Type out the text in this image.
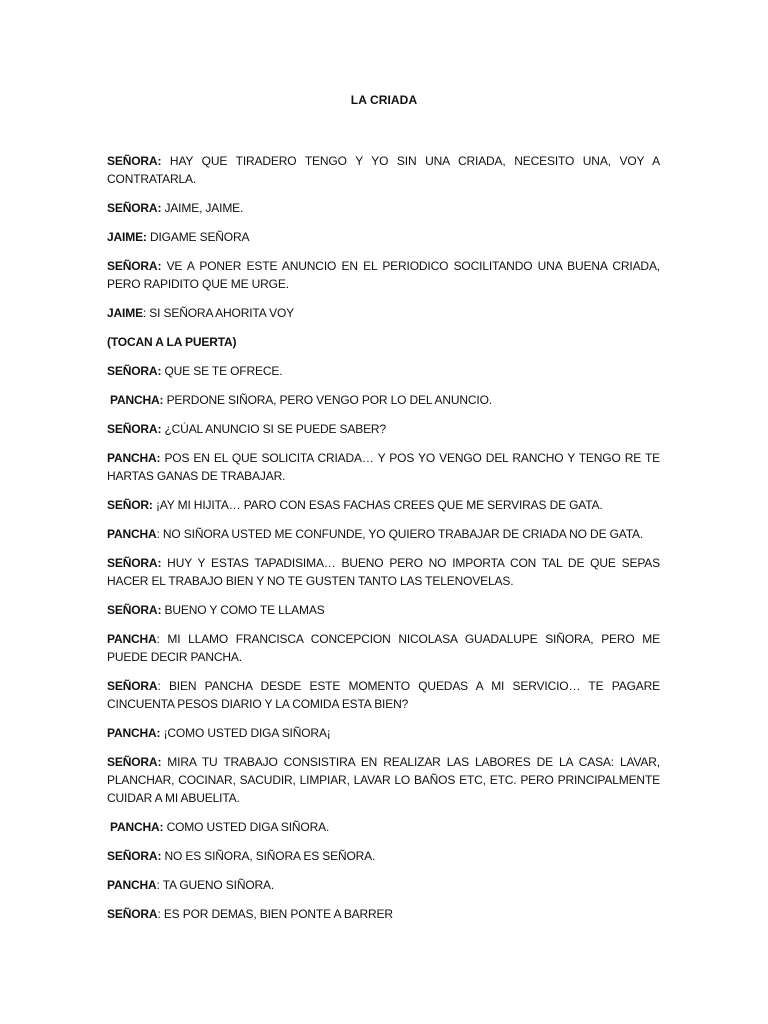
LA CRIADA

SEÑORA: HAY QUE TIRADERO TENGO Y YO SIN UNA CRIADA, NECESITO UNA, VOY A CONTRATARLA.

SEÑORA: JAIME, JAIME.

JAIME: DIGAME SEÑORA

SEÑORA: VE A PONER ESTE ANUNCIO EN EL PERIODICO SOCILITANDO UNA BUENA CRIADA, PERO RAPIDITO QUE ME URGE.

JAIME: SI SEÑORA AHORITA VOY

(TOCAN A LA PUERTA)

SEÑORA: QUE SE TE OFRECE.

PANCHA: PERDONE SIÑORA, PERO VENGO POR LO DEL ANUNCIO.

SEÑORA: ¿CÚAL ANUNCIO SI SE PUEDE SABER?

PANCHA: POS EN EL QUE SOLICITA CRIADA… Y POS YO VENGO DEL RANCHO Y TENGO RE TE HARTAS GANAS DE TRABAJAR.

SEÑOR: ¡AY MI HIJITA… PARO CON ESAS FACHAS CREES QUE ME SERVIRAS DE GATA.

PANCHA: NO SIÑORA USTED ME CONFUNDE, YO QUIERO TRABAJAR DE CRIADA NO DE GATA.

SEÑORA: HUY Y ESTAS TAPADISIMA… BUENO PERO NO IMPORTA CON TAL DE QUE SEPAS HACER EL TRABAJO BIEN Y NO TE GUSTEN TANTO LAS TELENOVELAS.

SEÑORA: BUENO Y COMO TE LLAMAS

PANCHA: MI LLAMO FRANCISCA CONCEPCION NICOLASA GUADALUPE SIÑORA, PERO ME PUEDE DECIR PANCHA.

SEÑORA: BIEN PANCHA DESDE ESTE MOMENTO QUEDAS A MI SERVICIO… TE PAGARE CINCUENTA PESOS DIARIO Y LA COMIDA ESTA BIEN?

PANCHA: ¡COMO USTED DIGA SIÑORA¡

SEÑORA: MIRA TU TRABAJO CONSISTIRA EN REALIZAR LAS LABORES DE LA CASA: LAVAR, PLANCHAR, COCINAR, SACUDIR, LIMPIAR, LAVAR LO BAÑOS ETC, ETC. PERO PRINCIPALMENTE CUIDAR A MI ABUELITA.

PANCHA: COMO USTED DIGA SIÑORA.

SEÑORA: NO ES SIÑORA, SIÑORA ES SEÑORA.

PANCHA: TA GUENO SIÑORA.

SEÑORA: ES POR DEMAS, BIEN PONTE A BARRER
